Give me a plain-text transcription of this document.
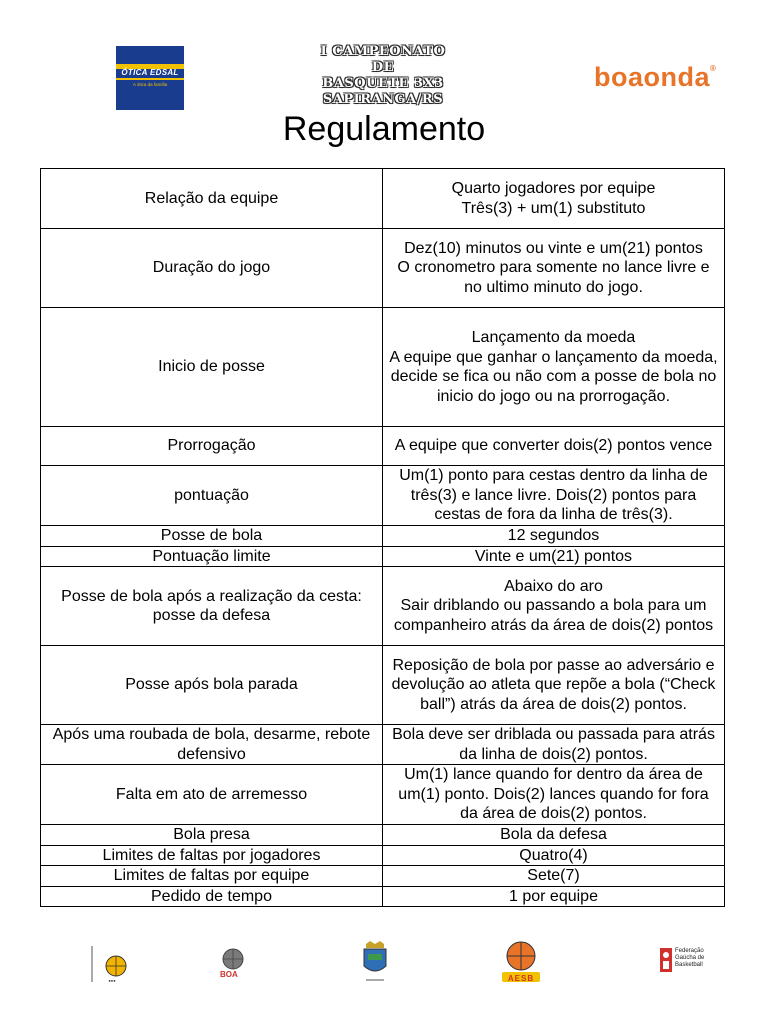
ÓTICA EDSAL
A ótica da família
I CAMPEONATO
DE
BASQUETE 3X3
SAPIRANGA/RS
boaonda®
Regulamento
Relação da equipe	Quarto jogadores por equipe
Três(3) + um(1) substituto

Duração do jogo	Dez(10) minutos ou vinte e um(21) pontos
O cronometro para somente no lance livre e no ultimo minuto do jogo.

Inicio de posse	Lançamento da moeda
A equipe que ganhar o lançamento da moeda, decide se fica ou não com a posse de bola no inicio do jogo ou na prorrogação.

Prorrogação	A equipe que converter dois(2) pontos vence

pontuação	Um(1) ponto para cestas dentro da linha de três(3) e lance livre. Dois(2) pontos para cestas de fora da linha de três(3).

Posse de bola	12 segundos

Pontuação limite	Vinte e um(21) pontos

Posse de bola após a realização da cesta: posse da defesa	Abaixo do aro
Sair driblando ou passando a bola para um companheiro atrás da área de dois(2) pontos

Posse após bola parada	Reposição de bola por passe ao adversário e devolução ao atleta que repõe a bola (“Check ball”) atrás da área de dois(2) pontos.

Após uma roubada de bola, desarme, rebote defensivo	Bola deve ser driblada ou passada para atrás da linha de dois(2) pontos.

Falta em ato de arremesso	Um(1) lance quando for dentro da área de um(1) ponto. Dois(2) lances quando for fora da área de dois(2) pontos.

Bola presa	Bola da defesa

Limites de faltas por jogadores	Quatro(4)

Limites de faltas por equipe	Sete(7)

Pedido de tempo	1 por equipe
●●●
BOA	AESB
Federação Gaúcha de Basketball
